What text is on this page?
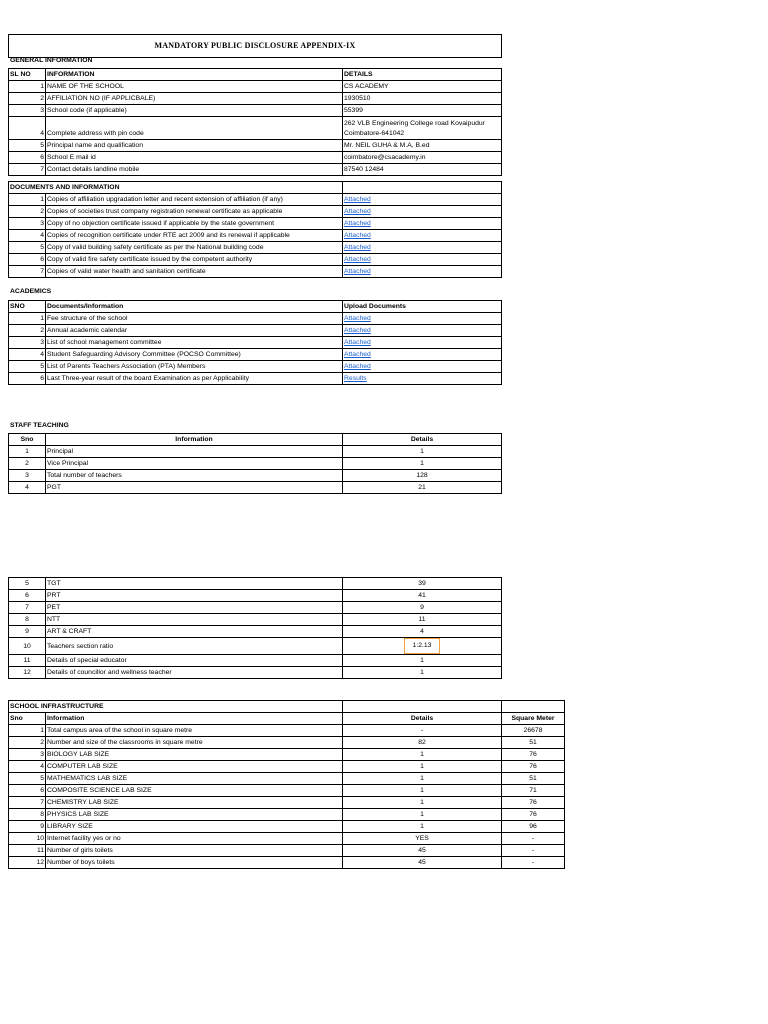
MANDATORY PUBLIC DISCLOSURE APPENDIX-IX
GENERAL INFORMATION
SL NO	INFORMATION	DETAILS
1	NAME OF THE SCHOOL	CS ACADEMY
2	AFFILIATION NO (IF APPLICBALE)	1930510
3	School code (if applicable)	55399
4	Complete address with pin code	262 VLB Engineering College road Kovaipudur Coimbatore-641042
5	Principal name and qualification	Mr. NEIL GUHA & M.A, B.ed
6	School E mail id	coimbatore@csacademy.in
7	Contact details landline mobile	87540 12484
DOCUMENTS AND INFORMATION		
1	Copies of affiliation upgradation letter and recent extension of affiliation (if any)	Attached
2	Copies of societies trust company registration renewal certificate as applicable	Attached
3	Copy of no objection certificate issued if applicable by the state government	Attached
4	Copies of recognition certificate under RTE act 2009 and its renewal if applicable	Attached
5	Copy of valid building safety certificate as per the National building code	Attached
6	Copy of valid fire safety certificate issued by the competent authority	Attached
7	Copies of valid water health and sanitation certificate	Attached
ACADEMICS
SNO	Documents/Information	Upload Documents
1	Fee structure of the school	Attached
2	Annual academic calendar	Attached
3	List of school management committee	Attached
4	Student Safeguarding Advisory Committee (POCSO Committee)	Attached
5	List of Parents Teachers Association (PTA) Members	Attached
6	Last Three-year result of the board Examination as per Applicability	Results
STAFF TEACHING
Sno	Information	Details
1	Principal	1
2	Vice Principal	1
3	Total number of teachers	128
4	PGT	21
5	TGT	39
6	PRT	41
7	PET	9
8	NTT	11
9	ART & CRAFT	4
10	Teachers section ratio	1:2.13
11	Details of special educator	1
12	Details of councillor and wellness teacher	1
SCHOOL INFRASTRUCTURE			
Sno	Information	Details	Square Meter
1	Total campus area of the school in square metre	-	26678
2	Number and size of the classrooms in square metre	82	51
3	BIOLOGY LAB SIZE	1	76
4	COMPUTER LAB SIZE	1	76
5	MATHEMATICS LAB SIZE	1	51
6	COMPOSITE SCIENCE LAB SIZE	1	71
7	CHEMISTRY LAB SIZE	1	76
8	PHYSICS LAB SIZE	1	76
9	LIBRARY SIZE	1	96
10	Internet facility yes or no	YES	-
11	Number of girls toilets	45	-
12	Number of boys toilets	45	-
